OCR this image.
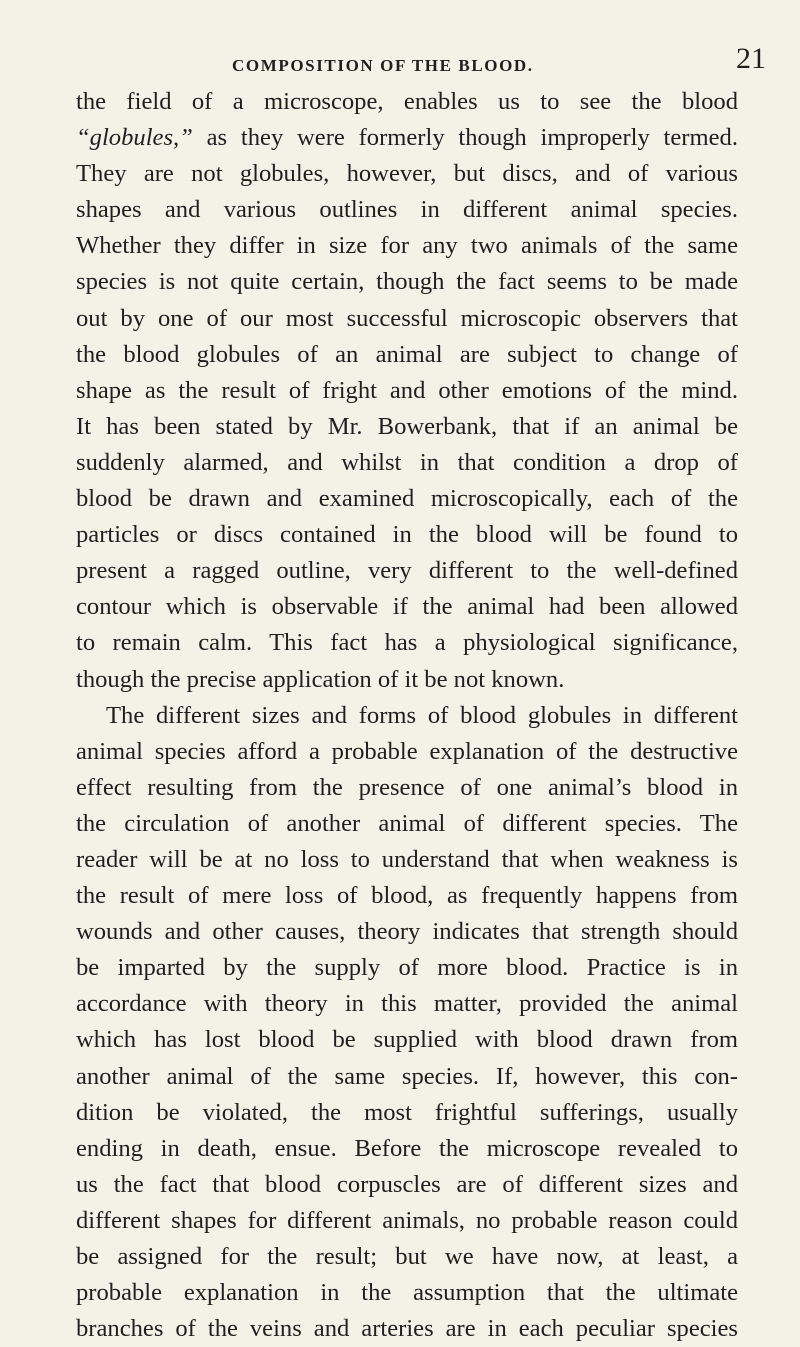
COMPOSITION OF THE BLOOD.	21
the field of a microscope, enables us to see the blood
“globules,” as they were formerly though improperly termed.
They are not globules, however, but discs, and of various
shapes and various outlines in different animal species.
Whether they differ in size for any two animals of the same
species is not quite certain, though the fact seems to be made
out by one of our most successful microscopic observers that
the blood globules of an animal are subject to change of
shape as the result of fright and other emotions of the mind.
It has been stated by Mr. Bowerbank, that if an animal be
suddenly alarmed, and whilst in that condition a drop of
blood be drawn and examined microscopically, each of the
particles or discs contained in the blood will be found to
present a ragged outline, very different to the well-defined
contour which is observable if the animal had been allowed
to remain calm. This fact has a physiological significance,
though the precise application of it be not known.
The different sizes and forms of blood globules in different
animal species afford a probable explanation of the destructive
effect resulting from the presence of one animal’s blood in
the circulation of another animal of different species. The
reader will be at no loss to understand that when weakness is
the result of mere loss of blood, as frequently happens from
wounds and other causes, theory indicates that strength should
be imparted by the supply of more blood. Practice is in
accordance with theory in this matter, provided the animal
which has lost blood be supplied with blood drawn from
another animal of the same species. If, however, this con-
dition be violated, the most frightful sufferings, usually
ending in death, ensue. Before the microscope revealed to
us the fact that blood corpuscles are of different sizes and
different shapes for different animals, no probable reason could
be assigned for the result; but we have now, at least, a
probable explanation in the assumption that the ultimate
branches of the veins and arteries are in each peculiar species
